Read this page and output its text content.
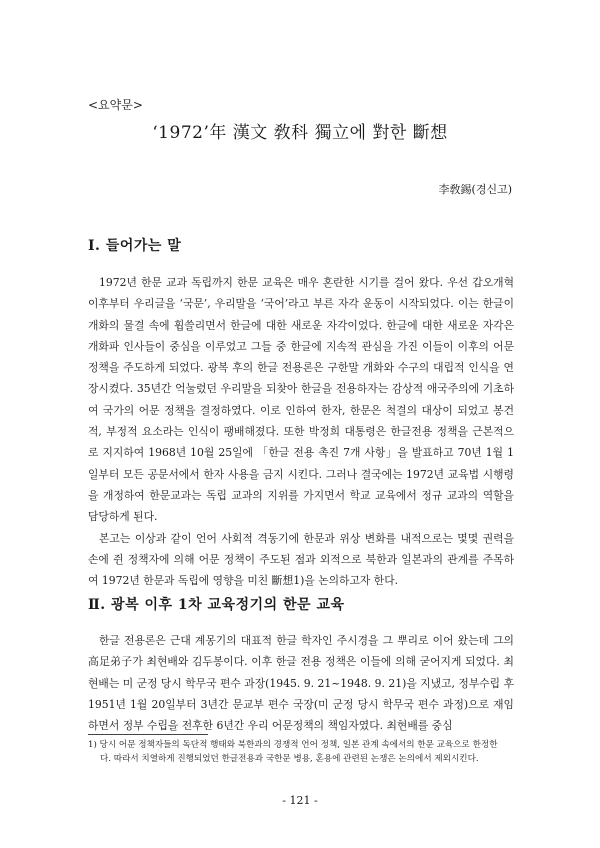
<요약문>
‘1972’年 漢文 敎科 獨立에 對한 斷想
李敎錫(경신고)
Ⅰ. 들어가는 말

1972년 한문 교과 독립까지 한문 교육은 매우 혼란한 시기를 걸어 왔다. 우선 갑오개혁 이후부터 우리글을 ‘국문’, 우리말을 ‘국어’라고 부른 자각 운동이 시작되었다. 이는 한글이 개화의 물결 속에 휩쓸리면서 한글에 대한 새로운 자각이었다. 한글에 대한 새로운 자각은 개화파 인사들이 중심을 이루었고 그들 중 한글에 지속적 관심을 가진 이들이 이후의 어문 정책을 주도하게 되었다. 광복 후의 한글 전용론은 구한말 개화와 수구의 대립적 인식을 연장시켰다. 35년간 억눌렸던 우리말을 되찾아 한글을 전용하자는 감상적 애국주의에 기초하여 국가의 어문 정책을 결정하였다. 이로 인하여 한자, 한문은 척결의 대상이 되었고 봉건적, 부정적 요소라는 인식이 팽배해졌다. 또한 박정희 대통령은 한글전용 정책을 근본적으로 지지하여 1968년 10월 25일에 「한글 전용 촉진 7개 사항」을 발표하고 70년 1월 1일부터 모든 공문서에서 한자 사용을 금지 시킨다. 그러나 결국에는 1972년 교육법 시행령을 개정하여 한문교과는 독립 교과의 지위를 가지면서 학교 교육에서 정규 교과의 역할을 담당하게 된다.

본고는 이상과 같이 언어 사회적 격동기에 한문과 위상 변화를 내적으로는 몇몇 권력을 손에 쥔 정책자에 의해 어문 정책이 주도된 점과 외적으로 북한과 일본과의 관계를 주목하여 1972년 한문과 독립에 영향을 미친 斷想1)을 논의하고자 한다.

Ⅱ. 광복 이후 1차 교육정기의 한문 교육

한글 전용론은 근대 계몽기의 대표적 한글 학자인 주시경을 그 뿌리로 이어 왔는데 그의 高足弟子가 최현배와 김두봉이다. 이후 한글 전용 정책은 이들에 의해 굳어지게 되었다. 최현배는 미 군정 당시 학무국 편수 과장(1945. 9. 21~1948. 9. 21)을 지냈고, 정부수립 후 1951년 1월 20일부터 3년간 문교부 편수 국장(미 군정 당시 학무국 편수 과정)으로 재임하면서 정부 수립을 전후한 6년간 우리 어문정책의 책임자였다. 최현배를 중심

1) 당시 어문 정책자들의 독단적 행태와 북한과의 경쟁적 언어 정책, 일본 관계 속에서의 한문 교육으로 한정한
다. 따라서 치열하게 진행되었던 한글전용과 국한문 병용, 혼용에 관련된 논쟁은 논의에서 제외시킨다.
- 121 -
